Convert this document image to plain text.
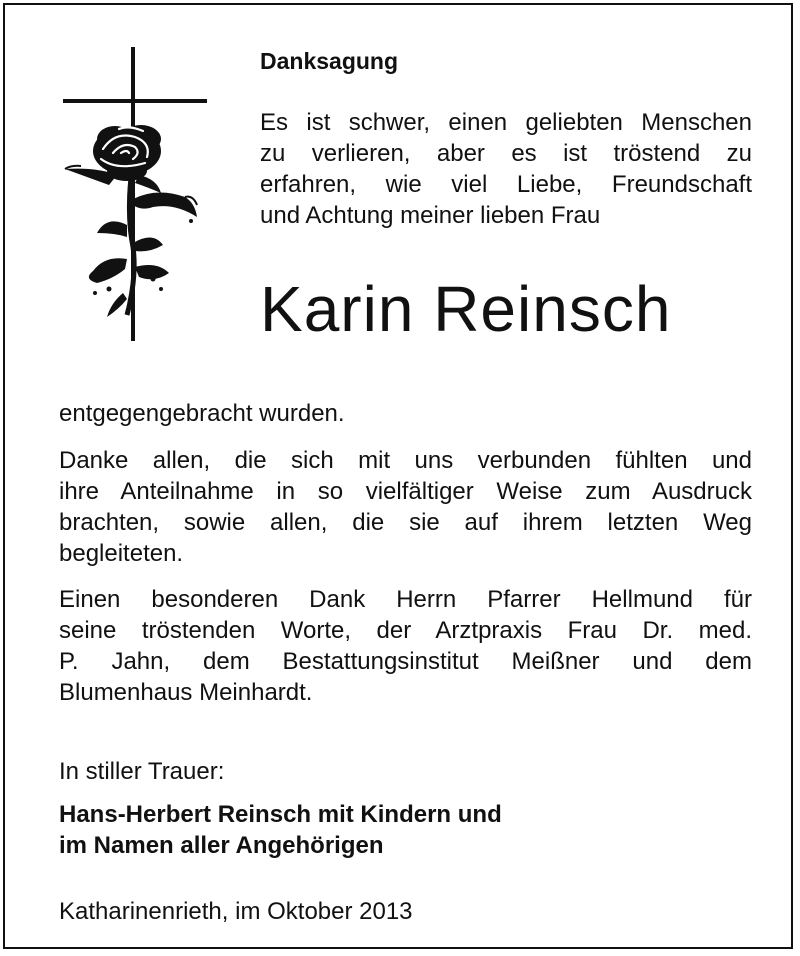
Danksagung

Es ist schwer, einen geliebten Menschen
zu verlieren, aber es ist tröstend zu
erfahren, wie viel Liebe, Freundschaft
und Achtung meiner lieben Frau

Karin Reinsch

entgegengebracht wurden.

Danke allen, die sich mit uns verbunden fühlten und
ihre Anteilnahme in so vielfältiger Weise zum Ausdruck
brachten, sowie allen, die sie auf ihrem letzten Weg
begleiteten.

Einen besonderen Dank Herrn Pfarrer Hellmund für
seine tröstenden Worte, der Arztpraxis Frau Dr. med.
P. Jahn, dem Bestattungsinstitut Meißner und dem
Blumenhaus Meinhardt.

In stiller Trauer:

Hans-Herbert Reinsch mit Kindern und
im Namen aller Angehörigen

Katharinenrieth, im Oktober 2013
